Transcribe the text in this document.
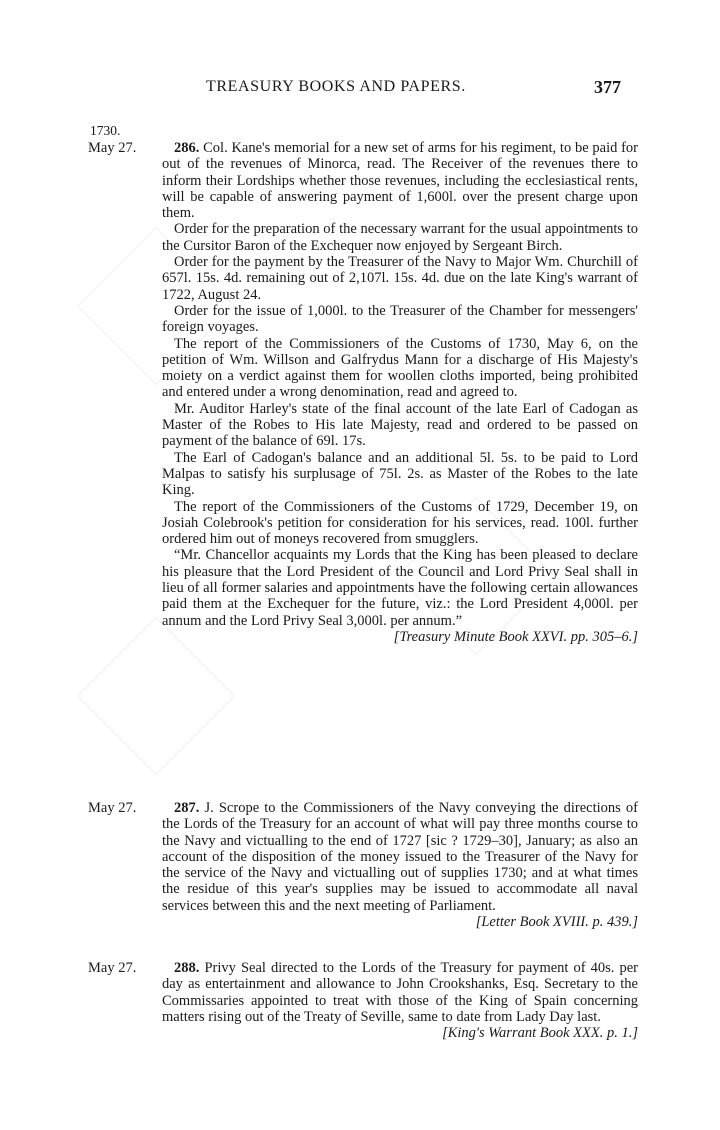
TREASURY BOOKS AND PAPERS.	377
1730.
May 27.	286. Col. Kane's memorial for a new set of arms for his regiment, to be paid for out of the revenues of Minorca, read. The Receiver of the revenues there to inform their Lordships whether those revenues, including the ecclesiastical rents, will be capable of answering payment of 1,600l. over the present charge upon them.

Order for the preparation of the necessary warrant for the usual appointments to the Cursitor Baron of the Exchequer now enjoyed by Sergeant Birch.

Order for the payment by the Treasurer of the Navy to Major Wm. Churchill of 657l. 15s. 4d. remaining out of 2,107l. 15s. 4d. due on the late King's warrant of 1722, August 24.

Order for the issue of 1,000l. to the Treasurer of the Chamber for messengers' foreign voyages.

The report of the Commissioners of the Customs of 1730, May 6, on the petition of Wm. Willson and Galfrydus Mann for a discharge of His Majesty's moiety on a verdict against them for woollen cloths imported, being prohibited and entered under a wrong denomination, read and agreed to.

Mr. Auditor Harley's state of the final account of the late Earl of Cadogan as Master of the Robes to His late Majesty, read and ordered to be passed on payment of the balance of 69l. 17s.

The Earl of Cadogan's balance and an additional 5l. 5s. to be paid to Lord Malpas to satisfy his surplusage of 75l. 2s. as Master of the Robes to the late King.

The report of the Commissioners of the Customs of 1729, December 19, on Josiah Colebrook's petition for consideration for his services, read. 100l. further ordered him out of moneys recovered from smugglers.

“Mr. Chancellor acquaints my Lords that the King has been pleased to declare his pleasure that the Lord President of the Council and Lord Privy Seal shall in lieu of all former salaries and appointments have the following certain allowances paid them at the Exchequer for the future, viz.: the Lord President 4,000l. per annum and the Lord Privy Seal 3,000l. per annum.”

[Treasury Minute Book XXVI. pp. 305–6.]

May 27.	287. J. Scrope to the Commissioners of the Navy conveying the directions of the Lords of the Treasury for an account of what will pay three months course to the Navy and victualling to the end of 1727 [sic ? 1729–30], January; as also an account of the disposition of the money issued to the Treasurer of the Navy for the service of the Navy and victualling out of supplies 1730; and at what times the residue of this year's supplies may be issued to accommodate all naval services between this and the next meeting of Parliament.

[Letter Book XVIII. p. 439.]

May 27.	288. Privy Seal directed to the Lords of the Treasury for payment of 40s. per day as entertainment and allowance to John Crookshanks, Esq. Secretary to the Commissaries appointed to treat with those of the King of Spain concerning matters rising out of the Treaty of Seville, same to date from Lady Day last.

[King's Warrant Book XXX. p. 1.]
